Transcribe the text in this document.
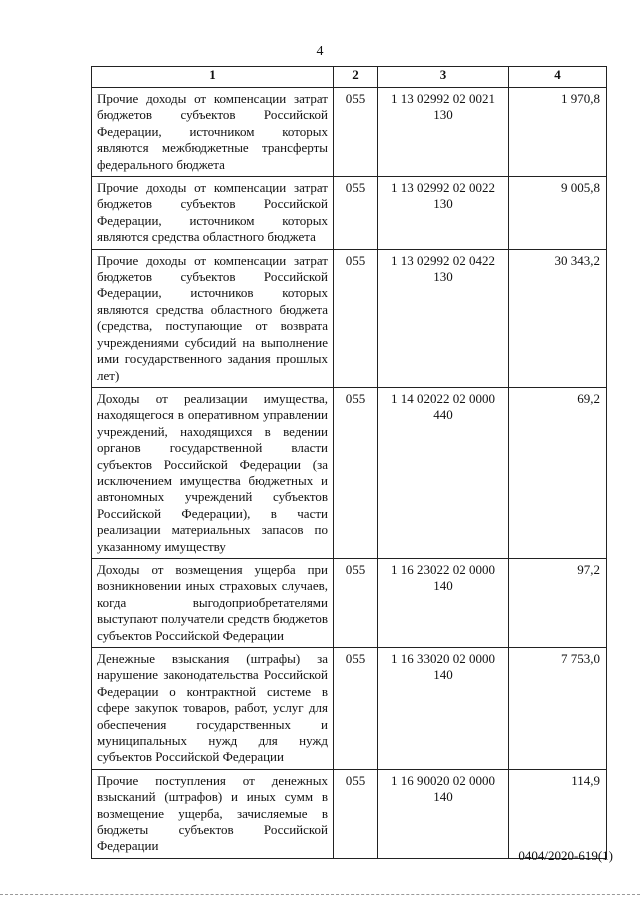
4
1	2	3	4
Прочие доходы от компенсации затрат бюджетов субъектов Российской Федерации, источником которых являются межбюджетные трансферты федерального бюджета	055	1 13 02992 02 0021 130	1 970,8
Прочие доходы от компенсации затрат бюджетов субъектов Российской Федерации, источником которых являются средства областного бюджета	055	1 13 02992 02 0022 130	9 005,8
Прочие доходы от компенсации затрат бюджетов субъектов Российской Федерации, источников которых являются средства областного бюджета (средства, поступающие от возврата учреждениями субсидий на выполнение ими государственного задания прошлых лет)	055	1 13 02992 02 0422 130	30 343,2
Доходы от реализации имущества, находящегося в оперативном управлении учреждений, находящихся в ведении органов государственной власти субъектов Российской Федерации (за исключением имущества бюджетных и автономных учреждений субъектов Российской Федерации), в части реализации материальных запасов по указанному имуществу	055	1 14 02022 02 0000 440	69,2
Доходы от возмещения ущерба при возникновении иных страховых случаев, когда выгодоприобретателями выступают получатели средств бюджетов субъектов Российской Федерации	055	1 16 23022 02 0000 140	97,2
Денежные взыскания (штрафы) за нарушение законодательства Российской Федерации о контрактной системе в сфере закупок товаров, работ, услуг для обеспечения государственных и муниципальных нужд для нужд субъектов Российской Федерации	055	1 16 33020 02 0000 140	7 753,0
Прочие поступления от денежных взысканий (штрафов) и иных сумм в возмещение ущерба, зачисляемые в бюджеты субъектов Российской Федерации	055	1 16 90020 02 0000 140	114,9
0404/2020-619(1)
